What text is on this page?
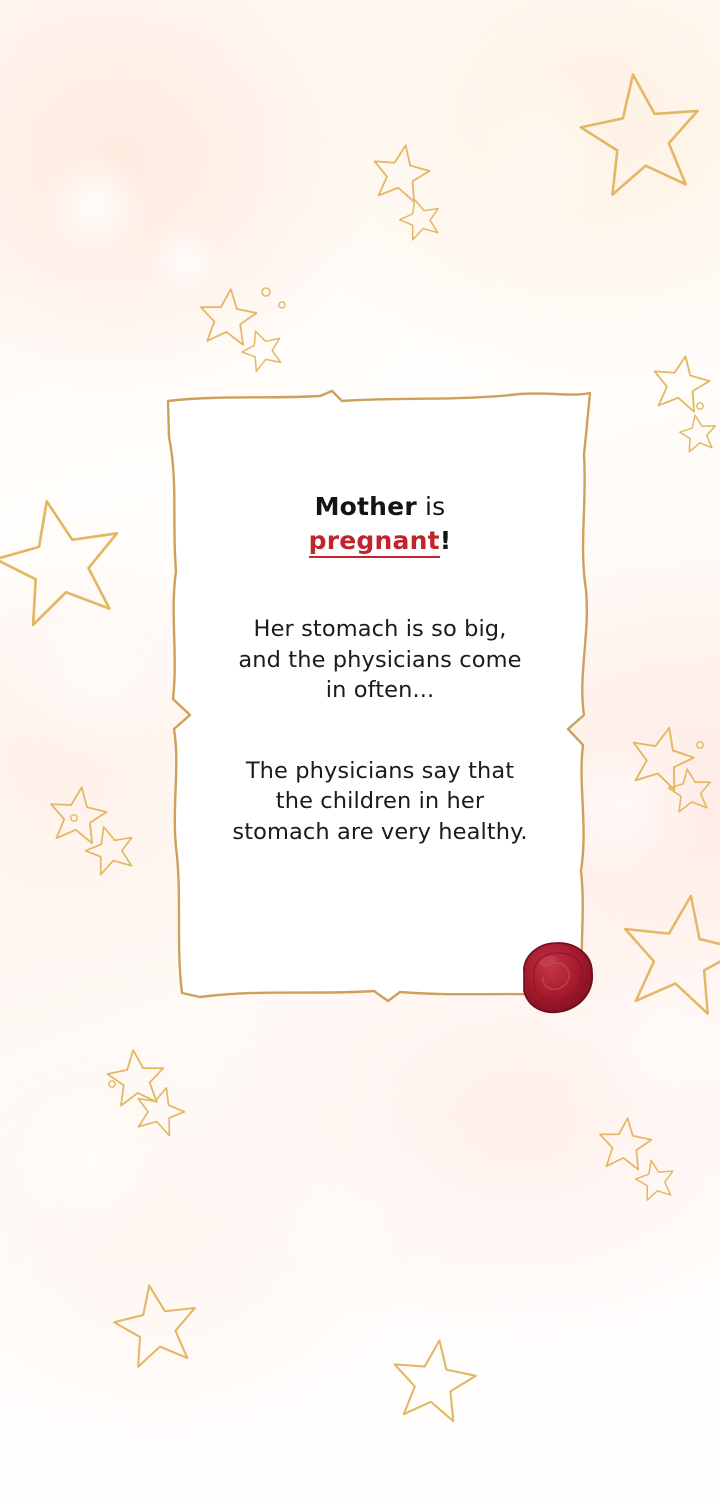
Mother is
pregnant!

Her stomach is so big, and the physicians come in often...

The physicians say that the children in her stomach are very healthy.
